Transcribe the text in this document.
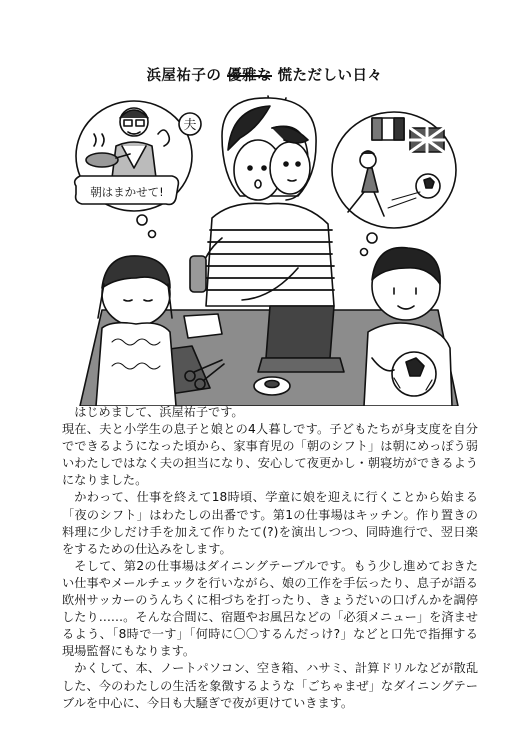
浜屋祐子の 優雅な 慌ただしい日々
夫
朝はまかせて!

はじめまして、浜屋祐子です。

現在、夫と小学生の息子と娘との4人暮しです。子どもたちが身支度を自分でできるようになった頃から、家事育児の「朝のシフト」は朝にめっぽう弱いわたしではなく夫の担当になり、安心して夜更かし・朝寝坊ができるようになりました。

かわって、仕事を終えて18時頃、学童に娘を迎えに行くことから始まる「夜のシフト」はわたしの出番です。第1の仕事場はキッチン。作り置きの料理に少しだけ手を加えて作りたて(?)を演出しつつ、同時進行で、翌日楽をするための仕込みをします。

そして、第2の仕事場はダイニングテーブルです。もう少し進めておきたい仕事やメールチェックを行いながら、娘の工作を手伝ったり、息子が語る欧州サッカーのうんちくに相づちを打ったり、きょうだいの口げんかを調停したり……。そんな合間に、宿題やお風呂などの「必須メニュー」を済ませるよう、「8時で一す」「何時に〇〇するんだっけ?」などと口先で指揮する現場監督にもなります。

かくして、本、ノートパソコン、空き箱、ハサミ、計算ドリルなどが散乱した、今のわたしの生活を象徴するような「ごちゃまぜ」なダイニングテーブルを中心に、今日も大騒ぎで夜が更けていきます。
